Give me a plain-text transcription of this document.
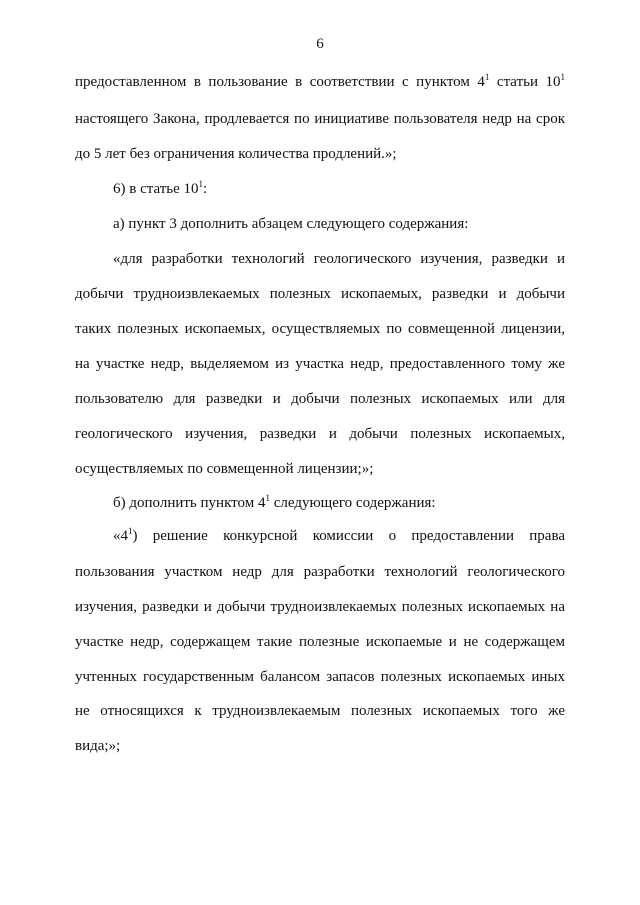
6
предоставленном в пользование в соответствии с пунктом $4^1$ статьи $10^1$
настоящего Закона, продлевается по инициативе пользователя недр на срок
до 5 лет без ограничения количества продлений.»;
6) в статье $10^1$:
а) пункт 3 дополнить абзацем следующего содержания:
«для разработки технологий геологического изучения, разведки и
добычи трудноизвлекаемых полезных ископаемых, разведки и добычи
таких полезных ископаемых, осуществляемых по совмещенной лицензии,
на участке недр, выделяемом из участка недр, предоставленного тому же
пользователю для разведки и добычи полезных ископаемых или для
геологического изучения, разведки и добычи полезных ископаемых,
осуществляемых по совмещенной лицензии;»;
б) дополнить пунктом $4^1$ следующего содержания:
«$4^1$) решение конкурсной комиссии о предоставлении права
пользования участком недр для разработки технологий геологического
изучения, разведки и добычи трудноизвлекаемых полезных ископаемых на
участке недр, содержащем такие полезные ископаемые и не содержащем
учтенных государственным балансом запасов полезных ископаемых иных
не относящихся к трудноизвлекаемым полезных ископаемых того же
вида;»;
